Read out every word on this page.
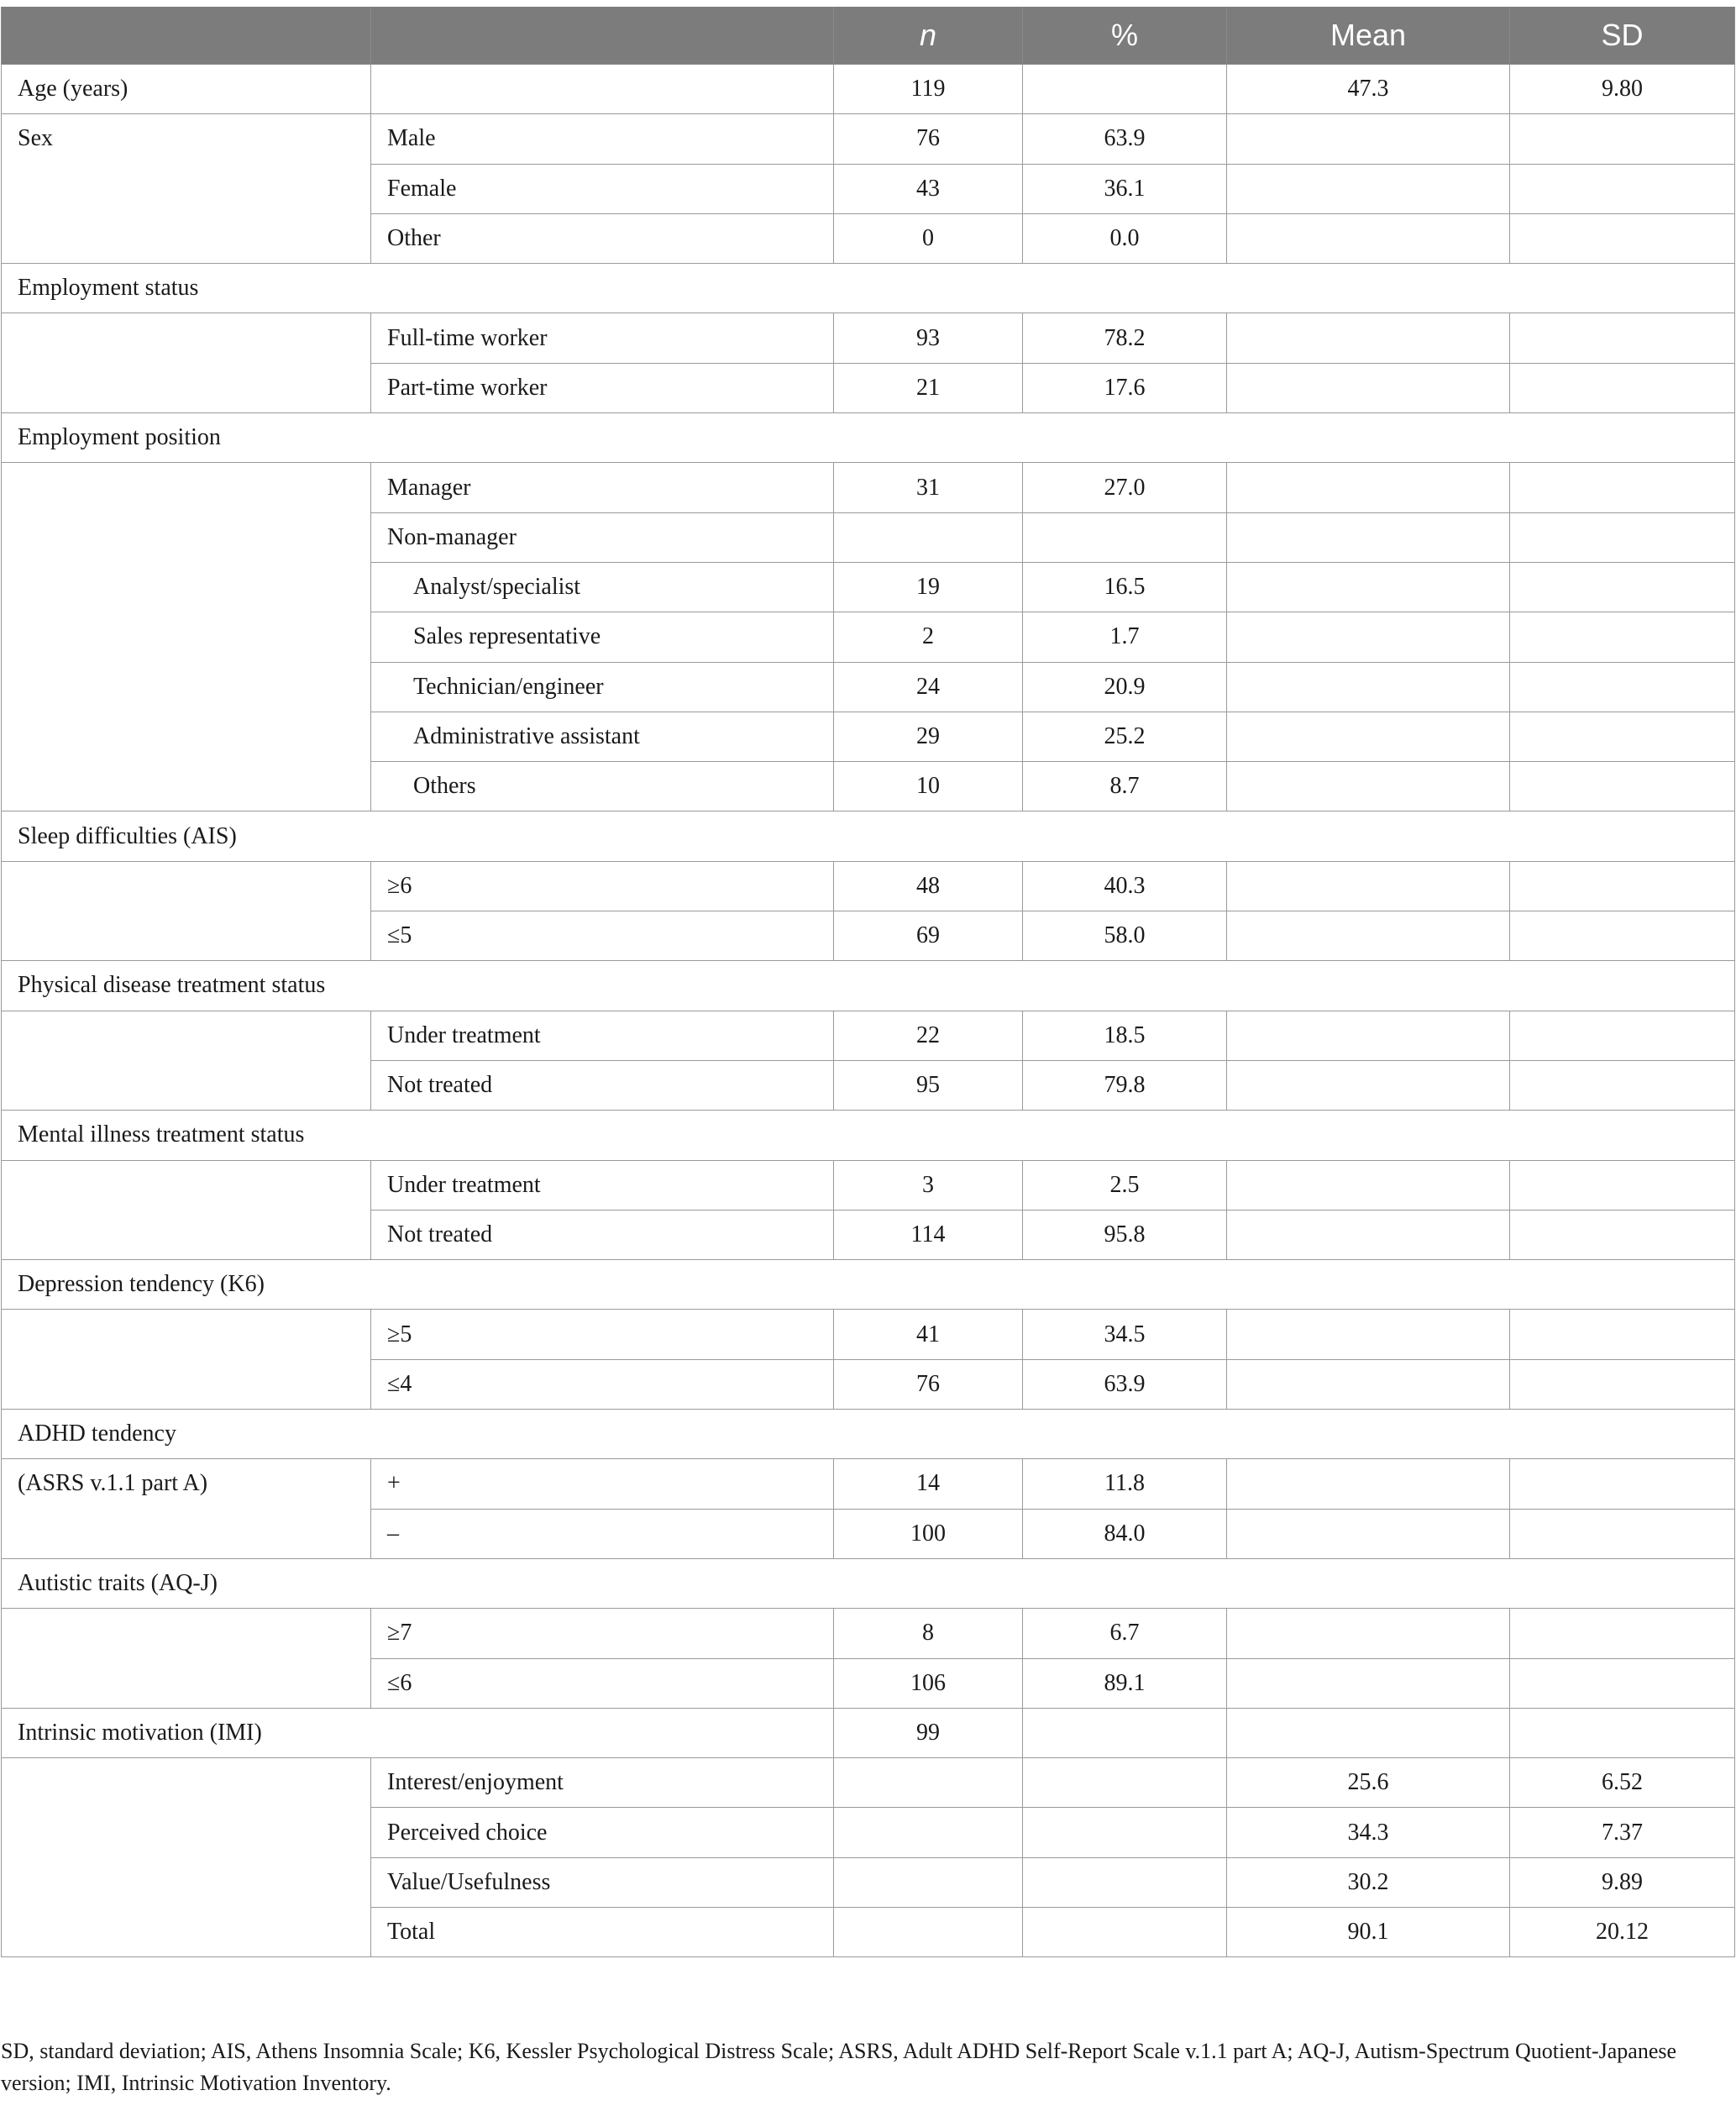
		n	%	Mean	SD
Age (years)		119		47.3	9.80
Sex	Male	76	63.9		
	Female	43	36.1		
	Other	0	0.0		
Employment status					
	Full-time worker	93	78.2		
	Part-time worker	21	17.6		
Employment position					
	Manager	31	27.0		
	Non-manager				
	Analyst/specialist	19	16.5		
	Sales representative	2	1.7		
	Technician/engineer	24	20.9		
	Administrative assistant	29	25.2		
	Others	10	8.7		
Sleep difficulties (AIS)					
	≥6	48	40.3		
	≤5	69	58.0		
Physical disease treatment status					
	Under treatment	22	18.5		
	Not treated	95	79.8		
Mental illness treatment status					
	Under treatment	3	2.5		
	Not treated	114	95.8		
Depression tendency (K6)					
	≥5	41	34.5		
	≤4	76	63.9		
ADHD tendency					
(ASRS v.1.1 part A)	+	14	11.8		
	–	100	84.0		
Autistic traits (AQ-J)					
	≥7	8	6.7		
	≤6	106	89.1		
Intrinsic motivation (IMI)		99			
	Interest/enjoyment			25.6	6.52
	Perceived choice			34.3	7.37
	Value/Usefulness			30.2	9.89
	Total			90.1	20.12
SD, standard deviation; AIS, Athens Insomnia Scale; K6, Kessler Psychological Distress Scale; ASRS, Adult ADHD Self-Report Scale v.1.1 part A; AQ-J, Autism-Spectrum Quotient-Japanese version; IMI, Intrinsic Motivation Inventory.
